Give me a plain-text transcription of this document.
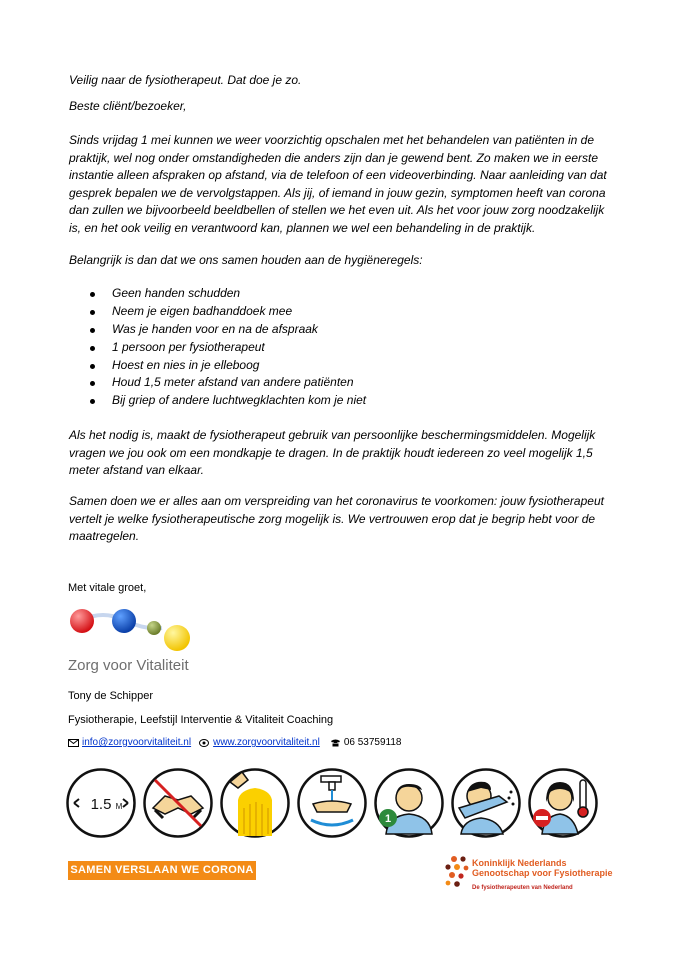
Veilig naar de fysiotherapeut. Dat doe je zo.

Beste cliënt/bezoeker,

Sinds vrijdag 1 mei kunnen we weer voorzichtig opschalen met het behandelen van patiënten in de
praktijk, wel nog onder omstandigheden die anders zijn dan je gewend bent. Zo maken we in eerste
instantie alleen afspraken op afstand, via de telefoon of een videoverbinding. Naar aanleiding van dat
gesprek bepalen we de vervolgstappen. Als jij, of iemand in jouw gezin, symptomen heeft van corona
dan zullen we bijvoorbeeld beeldbellen of stellen we het even uit. Als het voor jouw zorg noodzakelijk
is, en het ook veilig en verantwoord kan, plannen we wel een behandeling in de praktijk.

Belangrijk is dan dat we ons samen houden aan de hygiëneregels:

Geen handen schudden
Neem je eigen badhanddoek mee
Was je handen voor en na de afspraak
1 persoon per fysiotherapeut
Hoest en nies in je elleboog
Houd 1,5 meter afstand van andere patiënten
Bij griep of andere luchtwegklachten kom je niet
Als het nodig is, maakt de fysiotherapeut gebruik van persoonlijke beschermingsmiddelen. Mogelijk
vragen we jou ook om een mondkapje te dragen. In de praktijk houdt iedereen zo veel mogelijk 1,5
meter afstand van elkaar.
Samen doen we er alles aan om verspreiding van het coronavirus te voorkomen: jouw fysiotherapeut
vertelt je welke fysiotherapeutische zorg mogelijk is. We vertrouwen erop dat je begrip hebt voor de
maatregelen.
Met vitale groet,
Zorg voor Vitaliteit
Tony de Schipper
Fysiotherapie, Leefstijl Interventie & Vitaliteit Coaching
info@zorgvoorvitaliteit.nl www.zorgvoorvitaliteit.nl 06 53759118
1.5 M
1
SAMEN VERSLAAN WE CORONA
Koninklijk Nederlands
Genootschap voor Fysiotherapie
De fysiotherapeuten van Nederland
